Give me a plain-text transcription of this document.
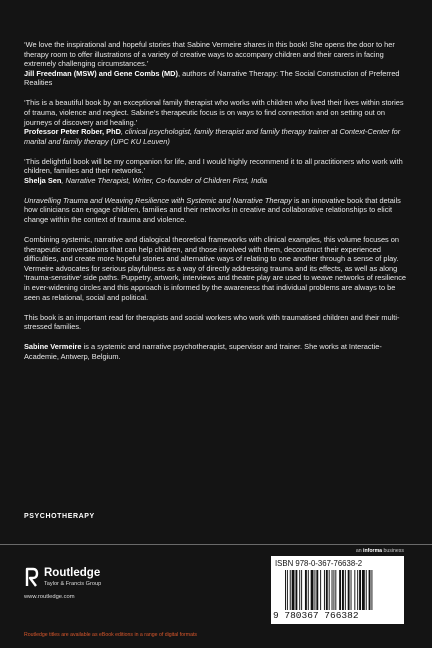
‘We love the inspirational and hopeful stories that Sabine Vermeire shares in this book! She opens the door to her therapy room to offer illustrations of a variety of creative ways to accompany children and their carers in facing extremely challenging circumstances.’
Jill Freedman (MSW) and Gene Combs (MD), authors of Narrative Therapy: The Social Construction of Preferred Realities
‘This is a beautiful book by an exceptional family therapist who works with children who lived their lives within stories of trauma, violence and neglect. Sabine’s therapeutic focus is on ways to find connection and on setting out on journeys of discovery and healing.’
Professor Peter Rober, PhD, clinical psychologist, family therapist and family therapy trainer at Context-Center for marital and family therapy (UPC KU Leuven)
‘This delightful book will be my companion for life, and I would highly recommend it to all practitioners who work with children, families and their networks.’
Shelja Sen, Narrative Therapist, Writer, Co-founder of Children First, India
Unravelling Trauma and Weaving Resilience with Systemic and Narrative Therapy is an innovative book that details how clinicians can engage children, families and their networks in creative and collaborative relationships to elicit change within the context of trauma and violence.
Combining systemic, narrative and dialogical theoretical frameworks with clinical examples, this volume focuses on therapeutic conversations that can help children, and those involved with them, deconstruct their experienced difficulties, and create more hopeful stories and alternative ways of relating to one another through a sense of play. Vermeire advocates for serious playfulness as a way of directly addressing trauma and its effects, as well as along ‘trauma-sensitive’ side paths. Puppetry, artwork, interviews and theatre play are used to weave networks of resilience in ever-widening circles and this approach is informed by the awareness that individual problems are always to be seen as relational, social and political.
This book is an important read for therapists and social workers who work with traumatised children and their multi-stressed families.
Sabine Vermeire is a systemic and narrative psychotherapist, supervisor and trainer. She works at Interactie-Academie, Antwerp, Belgium.
PSYCHOTHERAPY
Routledge
Taylor & Francis Group
www.routledge.com
an informa business
ISBN 978-0-367-76638-2
9 780367 766382
Routledge titles are available as eBook editions in a range of digital formats
